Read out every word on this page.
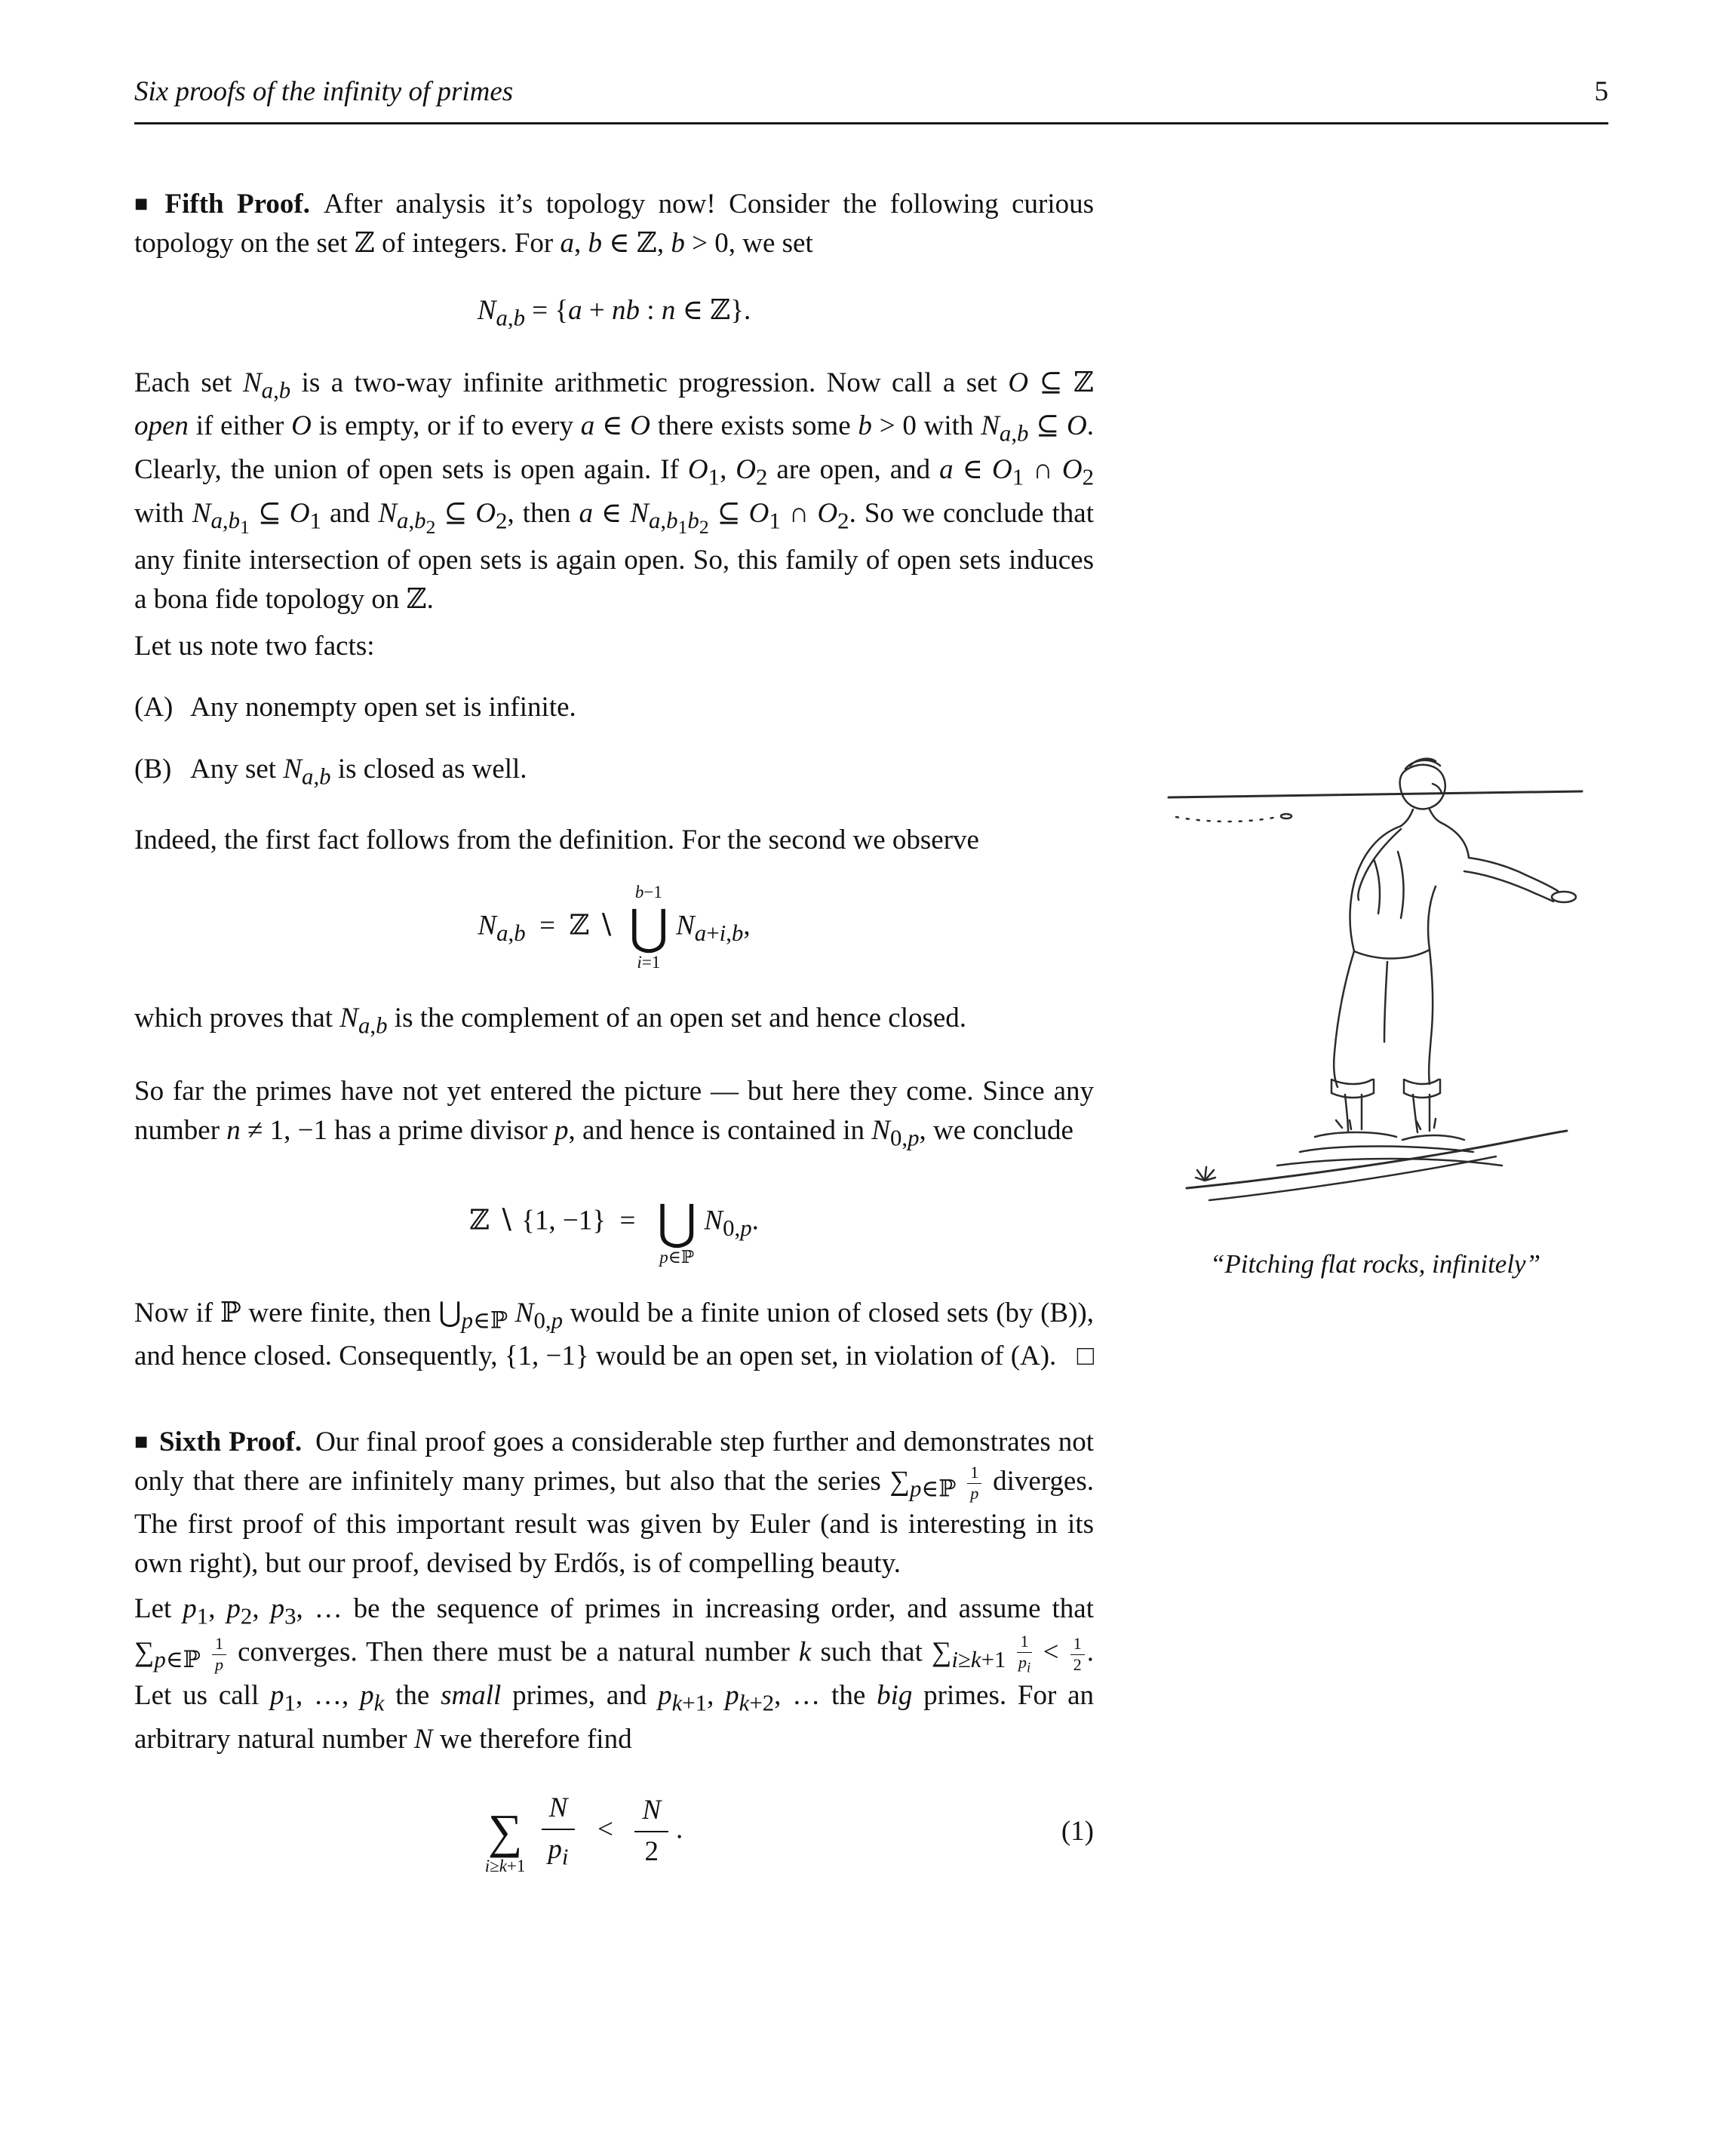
Six proofs of the infinity of primes	5

■ Fifth Proof. After analysis it’s topology now! Consider the following curious topology on the set ℤ of integers. For a, b ∈ ℤ, b > 0, we set

$N_{a,b} = \{a$ + nb : n ∈ ℤ}.

Each set $N_{a,b}$ is a two-way infinite arithmetic progression. Now call a set O ⊆ ℤ open if either O is empty, or if to every a ∈ O there exists some b > 0 with $N_{a,b}$ ⊆ O. Clearly, the union of open sets is open again. If $O_1$, $O_2$ are open, and a ∈ $O_1$ ∩ $O_2$ with $N_{a,b_1}$ ⊆ $O_1$ and $N_{a,b_2}$ ⊆ $O_2$, then a ∈ $N_{a,b_1b_2}$ ⊆ $O_1$ ∩ $O_2$. So we conclude that any finite intersection of open sets is again open. So, this family of open sets induces a bona fide topology on ℤ.

Let us note two facts:

(A) Any nonempty open set is infinite.
(B) Any set $N_{a,b}$ is closed as well.

Indeed, the first fact follows from the definition. For the second we observe

$N_{a,b}$ = ℤ ∖
b−1
⋃
i=1
$N_{a+i,b}$,

which proves that $N_{a,b}$ is the complement of an open set and hence closed.

So far the primes have not yet entered the picture — but here they come. Since any number n ≠ 1, −1 has a prime divisor p, and hence is contained in $N_{0,p}$, we conclude

ℤ ∖ {1, −1} = 
⋃
p∈ℙ
$N_{0,p}$.

Now if ℙ were finite, then $⋃_{p\in ℙ}$ $N_{0,p}$ would be a finite union of closed sets (by (B)), and hence closed. Consequently, {1, −1} would be an open set, in violation of (A). □

■ Sixth Proof. Our final proof goes a considerable step further and demonstrates not only that there are infinitely many primes, but also that the series $\sum_{p\in ℙ} \frac{1}{p}$ diverges. The first proof of this important result was given by Euler (and is interesting in its own right), but our proof, devised by Erdős, is of compelling beauty.

Let $p_1$, $p_2$, $p_3$, … be the sequence of primes in increasing order, and assume that $\sum_{p\in ℙ} \frac{1}{p}$ converges. Then there must be a natural number k such that $\sum_{i\ge k+1} \frac{1}{p_i} < \frac{1}{2}$ . Let us call $p_1$, …, $p_k$ the small primes, and $p_{k+1}$, $p_{k+2}$, … the big primes. For an arbitrary natural number N we therefore find

∑
$i\ge k+1 \frac{N}{p_i}$  <  $\frac{N}{2}$ .	(1)
“Pitching flat rocks, infinitely”
